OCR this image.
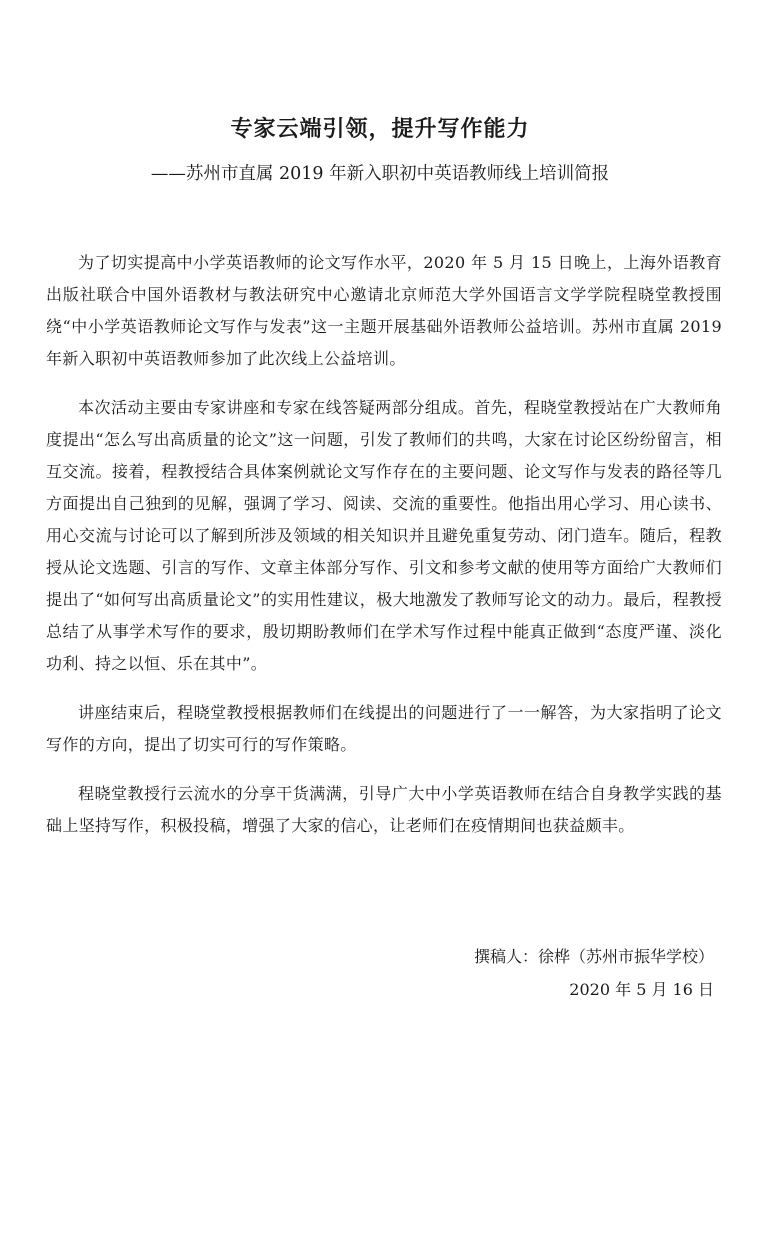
专家云端引领，提升写作能力
——苏州市直属 2019 年新入职初中英语教师线上培训简报

为了切实提高中小学英语教师的论文写作水平，2020 年 5 月 15 日晚上，上海外语教育出版社联合中国外语教材与教法研究中心邀请北京师范大学外国语言文学学院程晓堂教授围绕“中小学英语教师论文写作与发表”这一主题开展基础外语教师公益培训。苏州市直属 2019 年新入职初中英语教师参加了此次线上公益培训。

本次活动主要由专家讲座和专家在线答疑两部分组成。首先，程晓堂教授站在广大教师角度提出“怎么写出高质量的论文”这一问题，引发了教师们的共鸣，大家在讨论区纷纷留言，相互交流。接着，程教授结合具体案例就论文写作存在的主要问题、论文写作与发表的路径等几方面提出自己独到的见解，强调了学习、阅读、交流的重要性。他指出用心学习、用心读书、用心交流与讨论可以了解到所涉及领域的相关知识并且避免重复劳动、闭门造车。随后，程教授从论文选题、引言的写作、文章主体部分写作、引文和参考文献的使用等方面给广大教师们提出了“如何写出高质量论文”的实用性建议，极大地激发了教师写论文的动力。最后，程教授总结了从事学术写作的要求，殷切期盼教师们在学术写作过程中能真正做到“态度严谨、淡化功利、持之以恒、乐在其中”。

讲座结束后，程晓堂教授根据教师们在线提出的问题进行了一一解答，为大家指明了论文写作的方向，提出了切实可行的写作策略。

程晓堂教授行云流水的分享干货满满，引导广大中小学英语教师在结合自身教学实践的基础上坚持写作，积极投稿，增强了大家的信心，让老师们在疫情期间也获益颇丰。

撰稿人：徐桦（苏州市振华学校）
2020 年 5 月 16 日
